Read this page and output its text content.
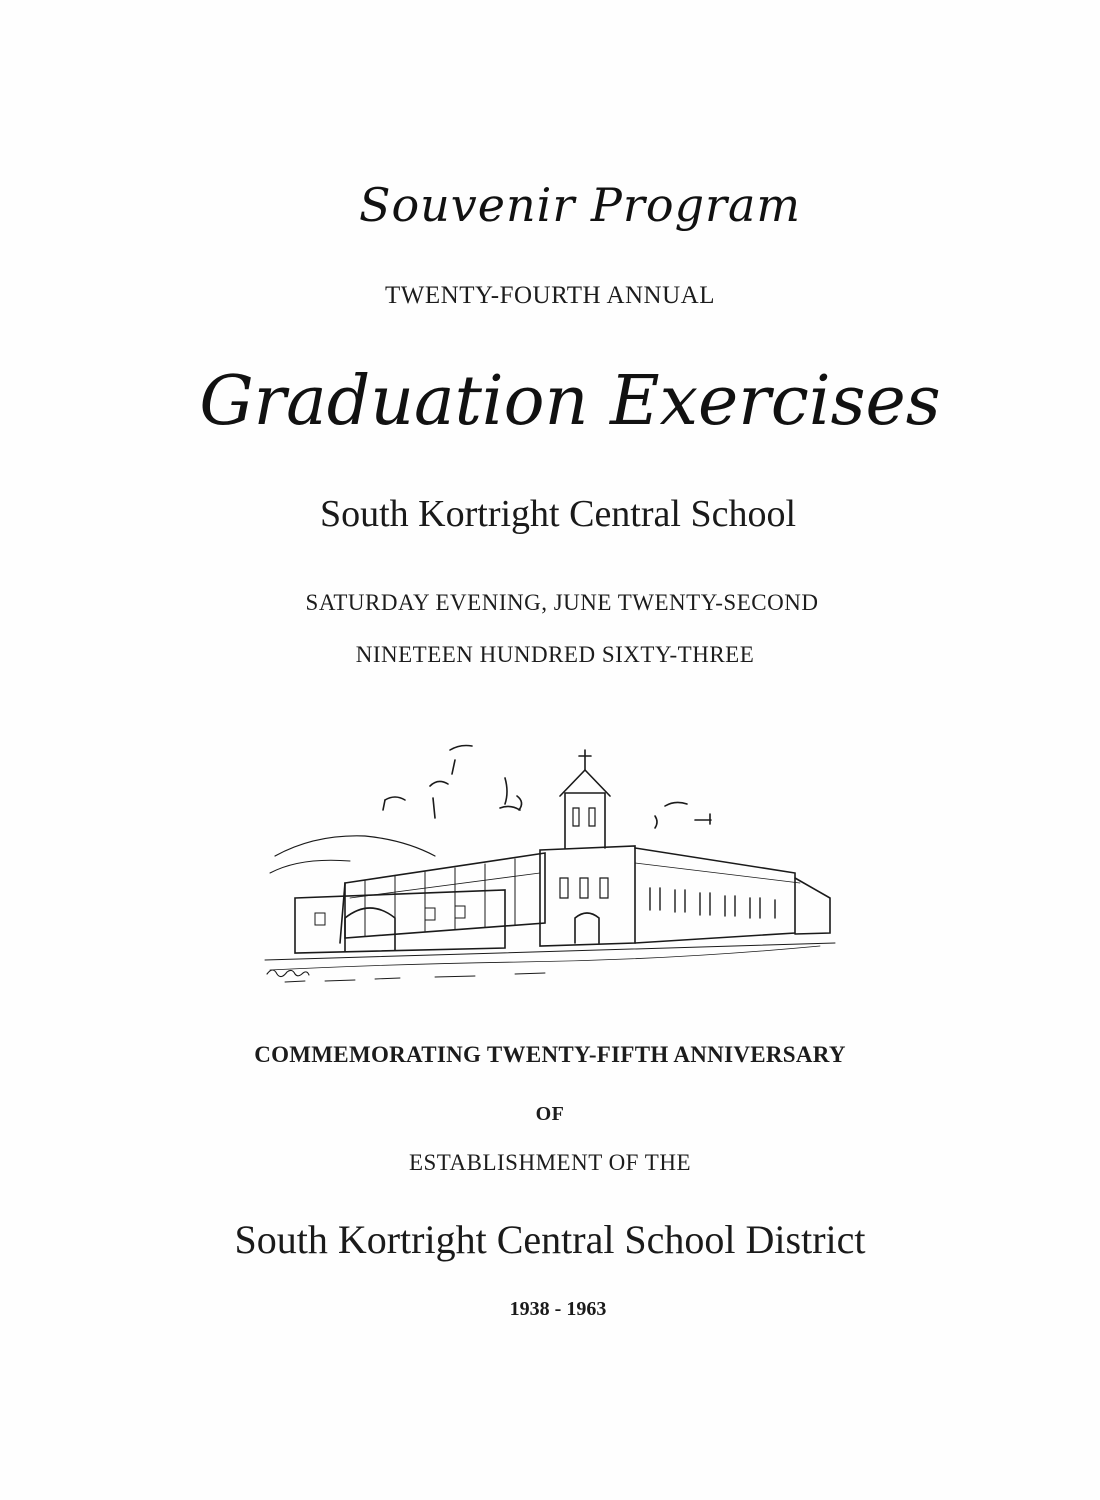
Souvenir Program
TWENTY-FOURTH ANNUAL
Graduation Exercises
South Kortright Central School
SATURDAY EVENING, JUNE TWENTY-SECOND
NINETEEN HUNDRED SIXTY-THREE
COMMEMORATING TWENTY-FIFTH ANNIVERSARY
OF
ESTABLISHMENT OF THE
South Kortright Central School District
1938 - 1963
